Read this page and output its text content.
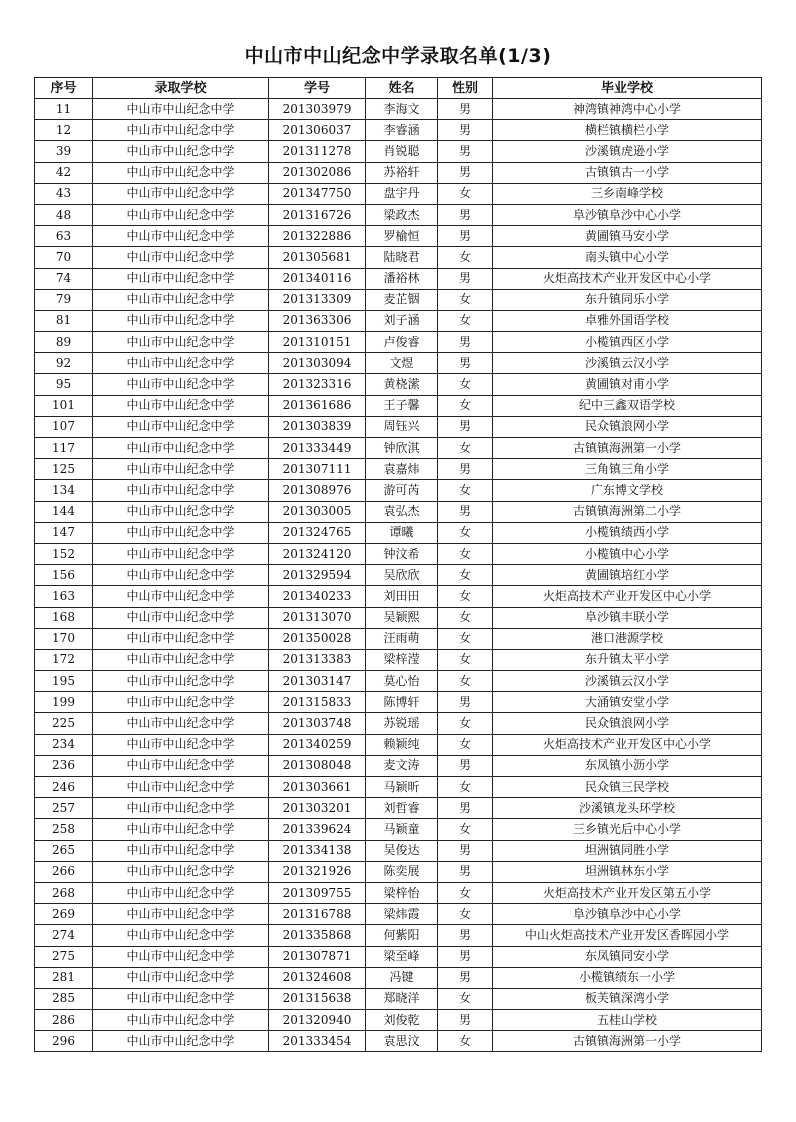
中山市中山纪念中学录取名单(1/3)
序号	录取学校	学号	姓名	性别	毕业学校
11	中山市中山纪念中学	201303979	李海文	男	神湾镇神湾中心小学
12	中山市中山纪念中学	201306037	李睿涵	男	横栏镇横栏小学
39	中山市中山纪念中学	201311278	肖锐聪	男	沙溪镇虎逊小学
42	中山市中山纪念中学	201302086	苏裕轩	男	古镇镇古一小学
43	中山市中山纪念中学	201347750	盘宇丹	女	三乡南峰学校
48	中山市中山纪念中学	201316726	梁政杰	男	阜沙镇阜沙中心小学
63	中山市中山纪念中学	201322886	罗榆恒	男	黄圃镇马安小学
70	中山市中山纪念中学	201305681	陆晓君	女	南头镇中心小学
74	中山市中山纪念中学	201340116	潘裕林	男	火炬高技术产业开发区中心小学
79	中山市中山纪念中学	201313309	麦芷铟	女	东升镇同乐小学
81	中山市中山纪念中学	201363306	刘子涵	女	卓雅外国语学校
89	中山市中山纪念中学	201310151	卢俊睿	男	小榄镇西区小学
92	中山市中山纪念中学	201303094	文煜	男	沙溪镇云汉小学
95	中山市中山纪念中学	201323316	黄桡潆	女	黄圃镇对甫小学
101	中山市中山纪念中学	201361686	王子馨	女	纪中三鑫双语学校
107	中山市中山纪念中学	201303839	周钰兴	男	民众镇浪网小学
117	中山市中山纪念中学	201333449	钟欣淇	女	古镇镇海洲第一小学
125	中山市中山纪念中学	201307111	袁嘉炜	男	三角镇三角小学
134	中山市中山纪念中学	201308976	游可芮	女	广东博文学校
144	中山市中山纪念中学	201303005	袁弘杰	男	古镇镇海洲第二小学
147	中山市中山纪念中学	201324765	谭曦	女	小榄镇绩西小学
152	中山市中山纪念中学	201324120	钟汶希	女	小榄镇中心小学
156	中山市中山纪念中学	201329594	吴欣欣	女	黄圃镇培红小学
163	中山市中山纪念中学	201340233	刘田田	女	火炬高技术产业开发区中心小学
168	中山市中山纪念中学	201313070	吴颖熙	女	阜沙镇丰联小学
170	中山市中山纪念中学	201350028	汪雨萌	女	港口港源学校
172	中山市中山纪念中学	201313383	梁梓滢	女	东升镇太平小学
195	中山市中山纪念中学	201303147	莫心怡	女	沙溪镇云汉小学
199	中山市中山纪念中学	201315833	陈博轩	男	大涌镇安堂小学
225	中山市中山纪念中学	201303748	苏锐瑶	女	民众镇浪网小学
234	中山市中山纪念中学	201340259	赖颖纯	女	火炬高技术产业开发区中心小学
236	中山市中山纪念中学	201308048	麦文涛	男	东凤镇小沥小学
246	中山市中山纪念中学	201303661	马颖昕	女	民众镇三民学校
257	中山市中山纪念中学	201303201	刘哲睿	男	沙溪镇龙头环学校
258	中山市中山纪念中学	201339624	马颖童	女	三乡镇光后中心小学
265	中山市中山纪念中学	201334138	吴俊达	男	坦洲镇同胜小学
266	中山市中山纪念中学	201321926	陈奕展	男	坦洲镇林东小学
268	中山市中山纪念中学	201309755	梁梓怡	女	火炬高技术产业开发区第五小学
269	中山市中山纪念中学	201316788	梁炜霞	女	阜沙镇阜沙中心小学
274	中山市中山纪念中学	201335868	何紫阳	男	中山火炬高技术产业开发区香晖园小学
275	中山市中山纪念中学	201307871	梁至峰	男	东凤镇同安小学
281	中山市中山纪念中学	201324608	冯键	男	小榄镇绩东一小学
285	中山市中山纪念中学	201315638	郑晓洋	女	板芙镇深湾小学
286	中山市中山纪念中学	201320940	刘俊乾	男	五桂山学校
296	中山市中山纪念中学	201333454	袁思汶	女	古镇镇海洲第一小学
